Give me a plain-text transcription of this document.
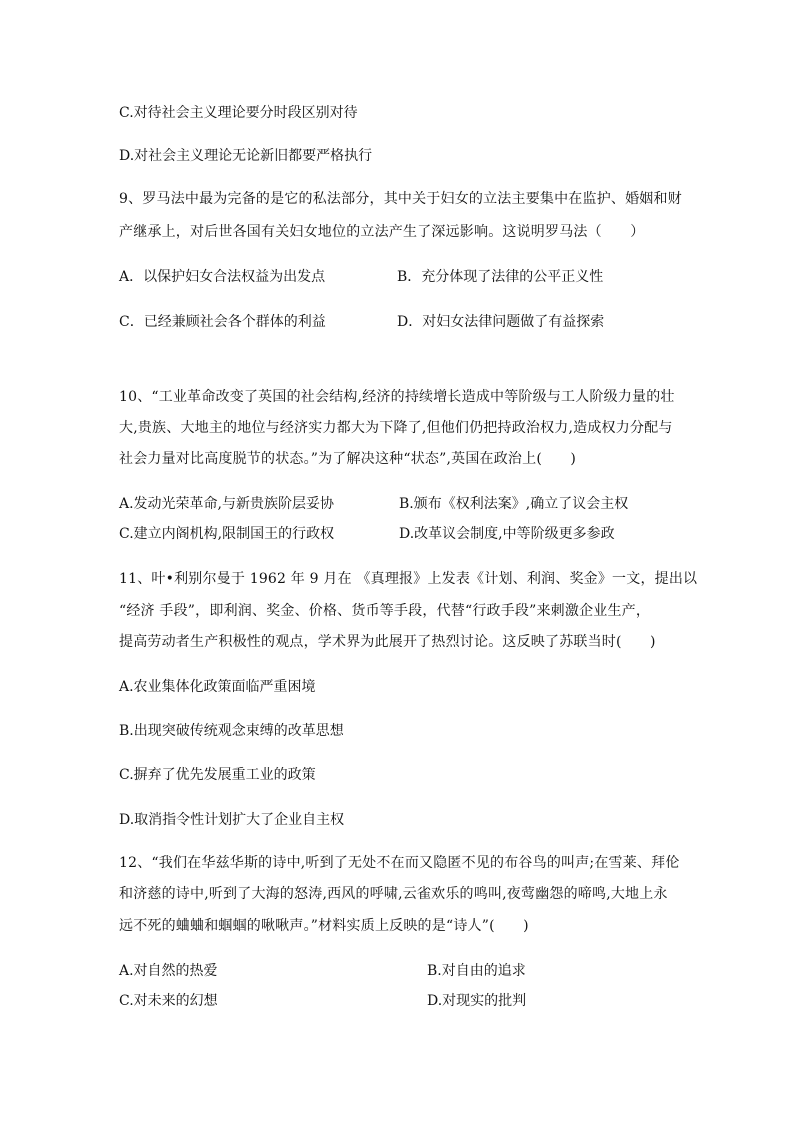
C.对待社会主义理论要分时段区别对待
D.对社会主义理论无论新旧都要严格执行
9、罗马法中最为完备的是它的私法部分，其中关于妇女的立法主要集中在监护、婚姻和财
产继承上，对后世各国有关妇女地位的立法产生了深远影响。这说明罗马法（　　）
A．以保护妇女合法权益为出发点	B．充分体现了法律的公平正义性
C．已经兼顾社会各个群体的利益	D．对妇女法律问题做了有益探索
10、“工业革命改变了英国的社会结构,经济的持续增长造成中等阶级与工人阶级力量的壮
大,贵族、大地主的地位与经济实力都大为下降了,但他们仍把持政治权力,造成权力分配与
社会力量对比高度脱节的状态。”为了解决这种“状态”,英国在政治上(　　)
A.发动光荣革命,与新贵族阶层妥协	B.颁布《权利法案》,确立了议会主权
C.建立内阁机构,限制国王的行政权	D.改革议会制度,中等阶级更多参政
11、叶•利别尔曼于 1962 年 9 月在 《真理报》上发表《计划、利润、奖金》一文，提出以
“经济 手段”，即利润、奖金、价格、货币等手段，代替“行政手段”来刺激企业生产，
提高劳动者生产积极性的观点，学术界为此展开了热烈讨论。这反映了苏联当时(　　)
A.农业集体化政策面临严重困境
B.出现突破传统观念束缚的改革思想
C.摒弃了优先发展重工业的政策
D.取消指令性计划扩大了企业自主权
12、“我们在华兹华斯的诗中,听到了无处不在而又隐匿不见的布谷鸟的叫声;在雪莱、拜伦
和济慈的诗中,听到了大海的怒涛,西风的呼啸,云雀欢乐的鸣叫,夜莺幽怨的啼鸣,大地上永
远不死的蛐蛐和蝈蝈的啾啾声。”材料实质上反映的是“诗人”(　　)
A.对自然的热爱	B.对自由的追求
C.对未来的幻想	D.对现实的批判
